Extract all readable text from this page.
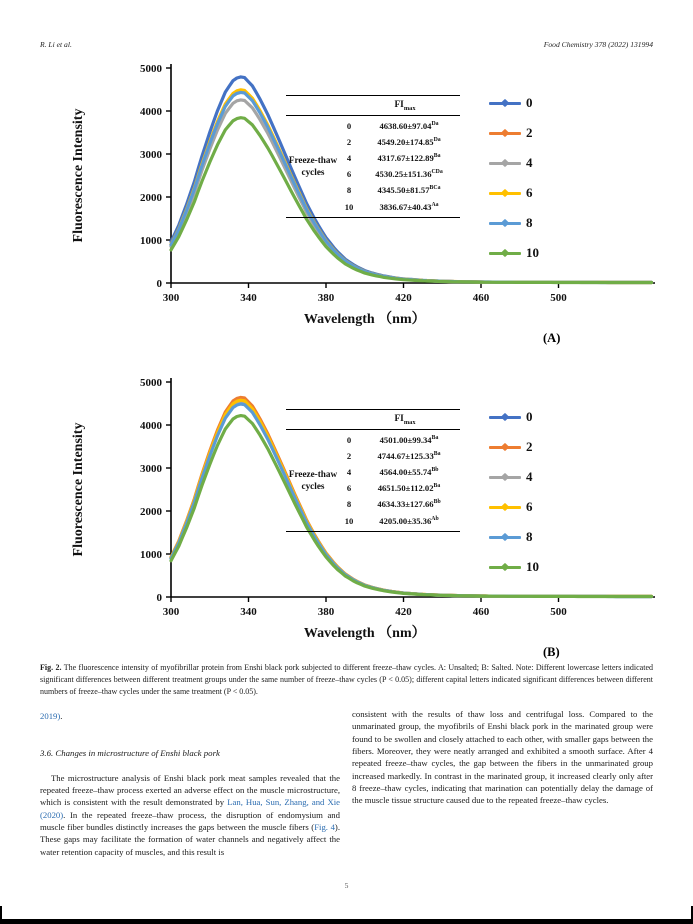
R. Li et al.	Food Chemistry 378 (2022) 131994
0
1000
2000
3000
4000
5000
300	340	380	420	460	500
Fluorescence Intensity
Wavelength （nm）
$FI_{max}$
Freeze-thaw
cycles
0	$4638.60\pm 97.04^{Da}$
2	$4549.20\pm 174.85^{Da}$
4	$4317.67\pm 122.89^{Ba}$
6	$4530.25\pm 151.36^{CDa}$
8	$4345.50\pm 81.57^{BCa}$
10	$3836.67\pm 40.43^{Aa}$
0
2
4
6
8
10
(A)
0
1000
2000
3000
4000
5000
300	340	380	420	460	500
Fluorescence Intensity
Wavelength （nm）
$FI_{max}$
Freeze-thaw
cycles
0	$4501.00\pm 99.34^{Ba}$
2	$4744.67\pm 125.33^{Ba}$
4	$4564.00\pm 55.74^{Bb}$
6	$4651.50\pm 112.02^{Ba}$
8	$4634.33\pm 127.66^{Bb}$
10	$4205.00\pm 35.36^{Ab}$
0
2
4
6
8
10
(B)
Fig. 2. The fluorescence intensity of myofibrillar protein from Enshi black pork subjected to different freeze–thaw cycles. A: Unsalted; B: Salted. Note: Different lowercase letters indicated significant differences between different treatment groups under the same number of freeze–thaw cycles (P < 0.05); different capital letters indicated significant differences between different numbers of freeze–thaw cycles under the same treatment (P < 0.05).

2019).

3.6. Changes in microstructure of Enshi black pork

The microstructure analysis of Enshi black pork meat samples revealed that the repeated freeze–thaw process exerted an adverse effect on the muscle microstructure, which is consistent with the result demonstrated by Lan, Hua, Sun, Zhang, and Xie (2020). In the repeated freeze–thaw process, the disruption of endomysium and muscle fiber bundles distinctly increases the gaps between the muscle fibers (Fig. 4). These gaps may facilitate the formation of water channels and negatively affect the water retention capacity of muscles, and this result is

consistent with the results of thaw loss and centrifugal loss. Compared to the unmarinated group, the myofibrils of Enshi black pork in the marinated group were found to be swollen and closely attached to each other, with smaller gaps between the fibers. Moreover, they were neatly arranged and exhibited a smooth surface. After 4 repeated freeze–thaw cycles, the gap between the fibers in the unmarinated group increased markedly. In contrast in the marinated group, it increased clearly only after 8 freeze–thaw cycles, indicating that marination can potentially delay the damage of the muscle tissue structure caused due to the repeated freeze–thaw cycles.

5
